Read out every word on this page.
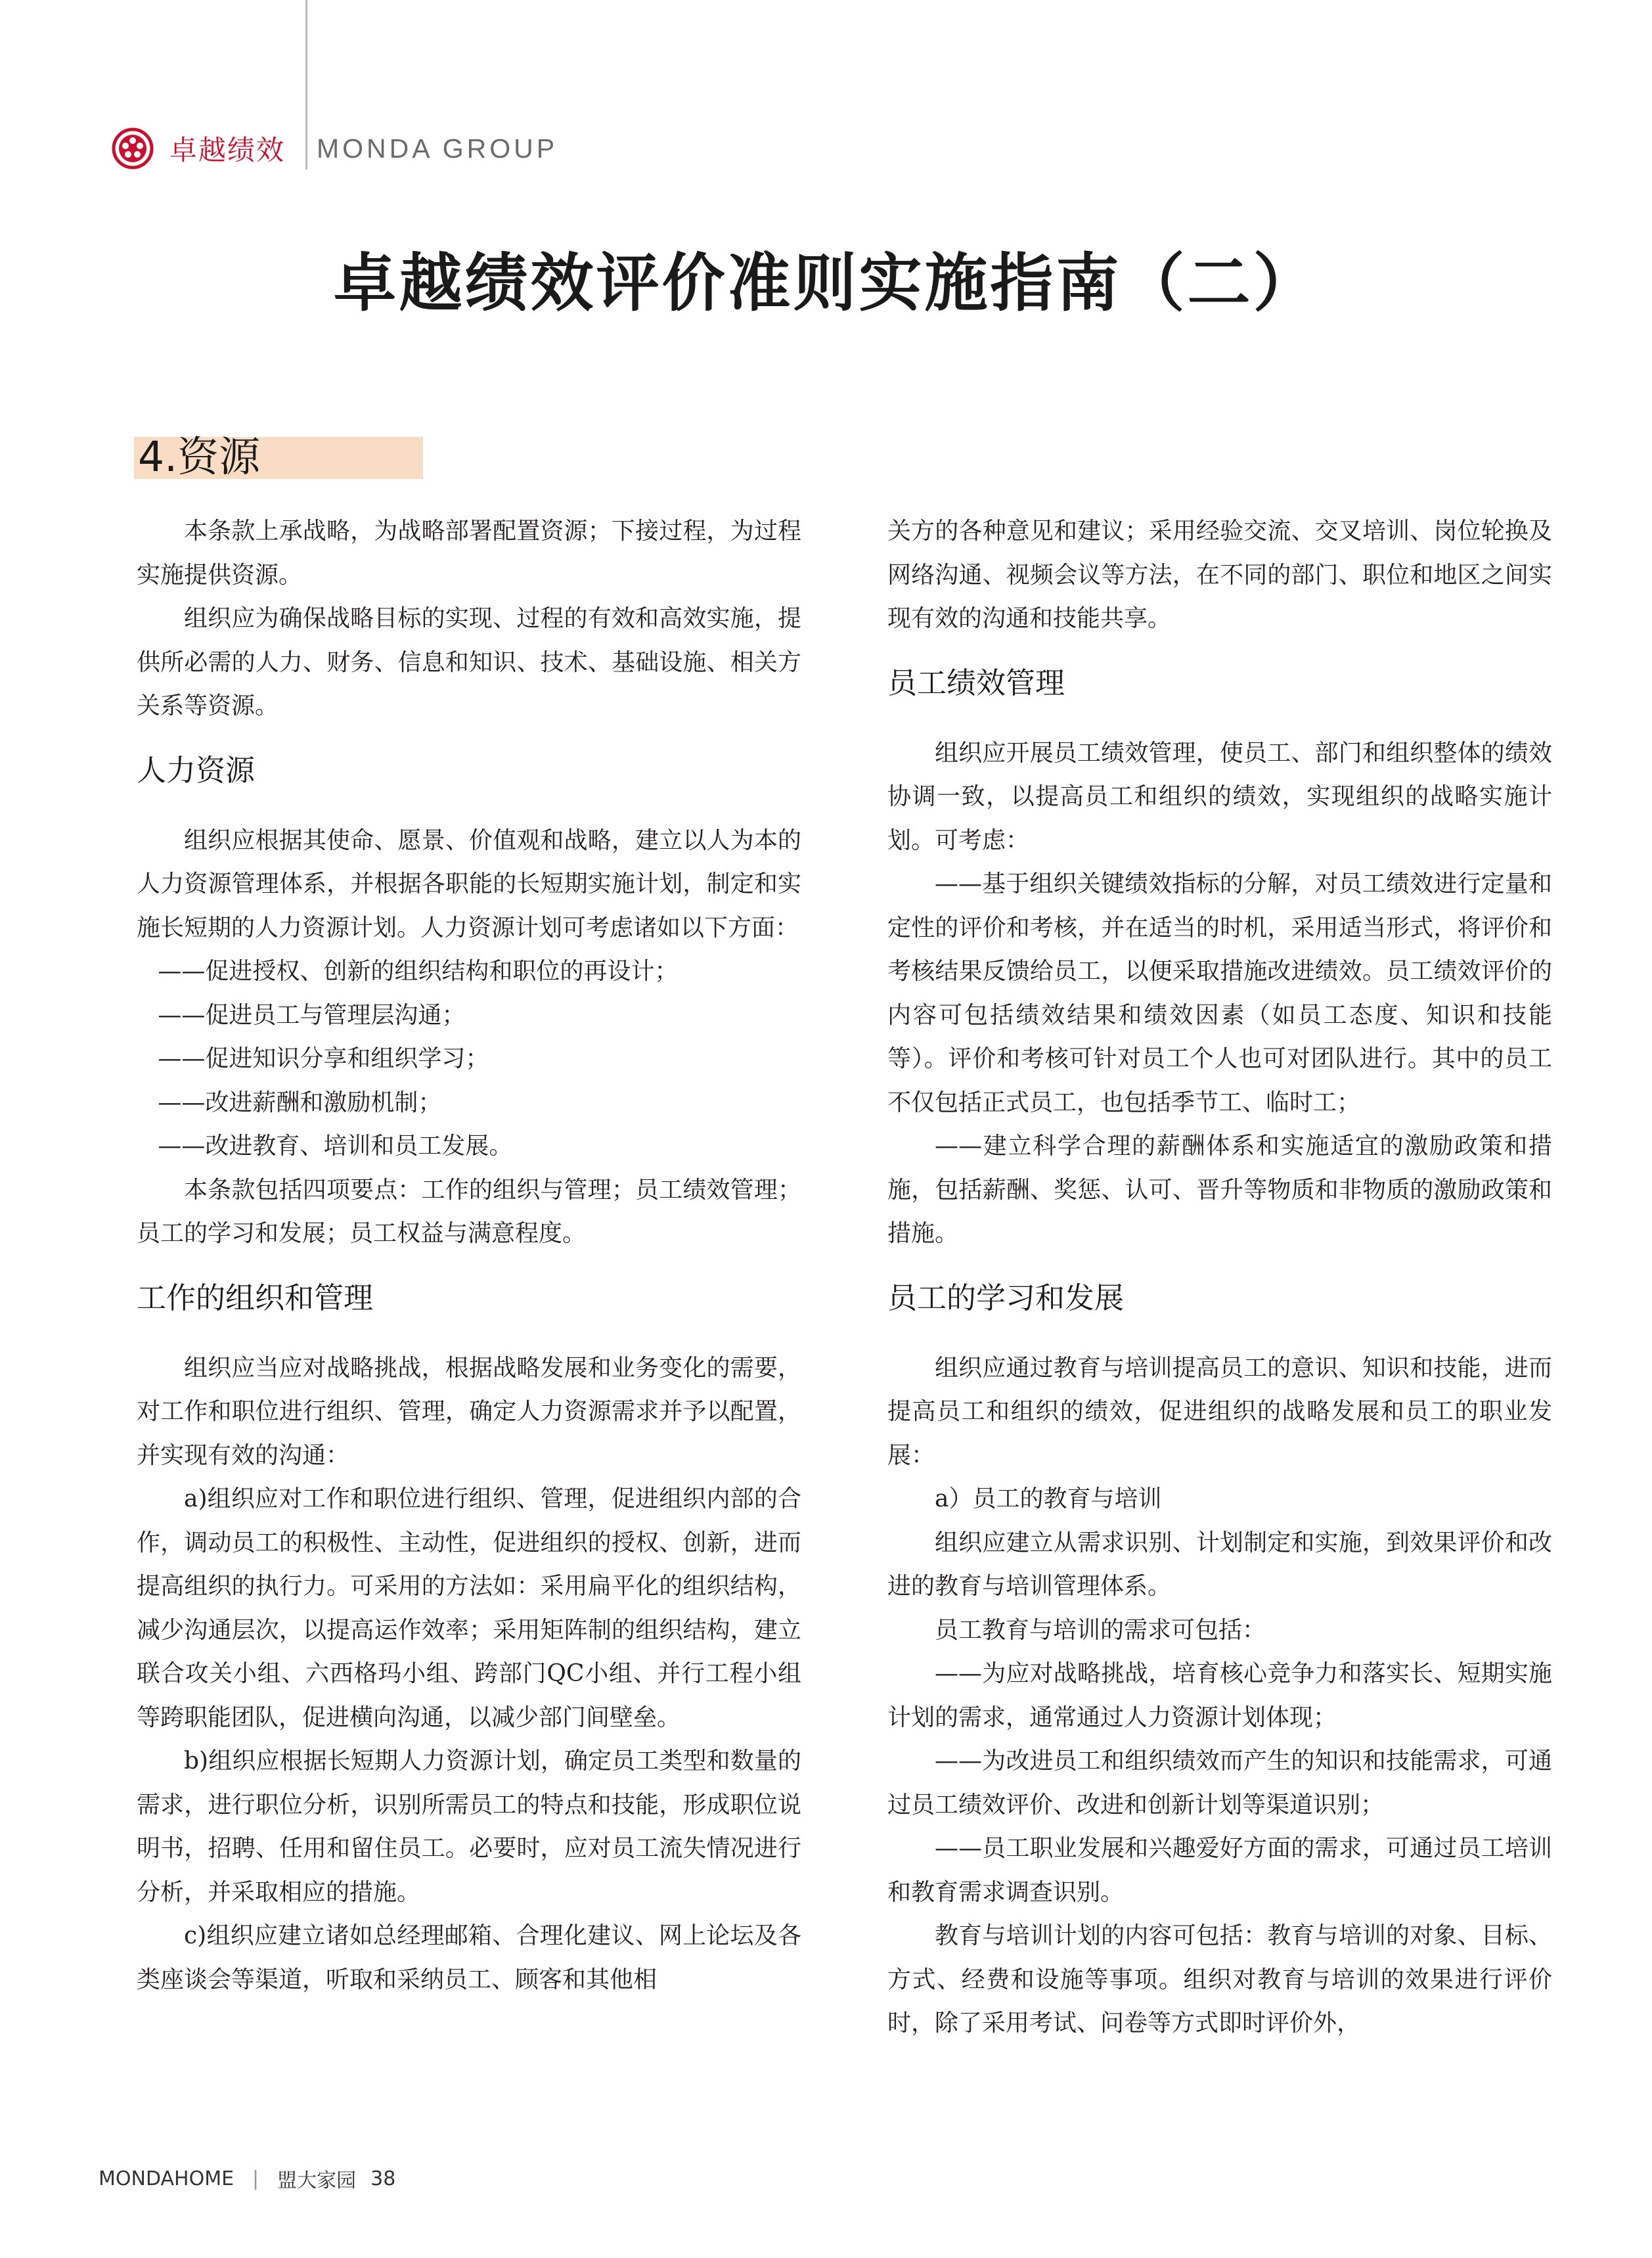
卓越绩效 MONDA GROUP
卓越绩效评价准则实施指南（二）
4.资源

本条款上承战略，为战略部署配置资源；下接过程，为过程实施提供资源。

组织应为确保战略目标的实现、过程的有效和高效实施，提供所必需的人力、财务、信息和知识、技术、基础设施、相关方关系等资源。

人力资源

组织应根据其使命、愿景、价值观和战略，建立以人为本的人力资源管理体系，并根据各职能的长短期实施计划，制定和实施长短期的人力资源计划。人力资源计划可考虑诸如以下方面：

——促进授权、创新的组织结构和职位的再设计；

——促进员工与管理层沟通；

——促进知识分享和组织学习；

——改进薪酬和激励机制；

——改进教育、培训和员工发展。

本条款包括四项要点：工作的组织与管理；员工绩效管理；员工的学习和发展；员工权益与满意程度。

工作的组织和管理

组织应当应对战略挑战，根据战略发展和业务变化的需要，对工作和职位进行组织、管理，确定人力资源需求并予以配置，并实现有效的沟通：

a)组织应对工作和职位进行组织、管理，促进组织内部的合作，调动员工的积极性、主动性，促进组织的授权、创新，进而提高组织的执行力。可采用的方法如：采用扁平化的组织结构，减少沟通层次，以提高运作效率；采用矩阵制的组织结构，建立联合攻关小组、六西格玛小组、跨部门QC小组、并行工程小组等跨职能团队，促进横向沟通，以减少部门间壁垒。

b)组织应根据长短期人力资源计划，确定员工类型和数量的需求，进行职位分析，识别所需员工的特点和技能，形成职位说明书，招聘、任用和留住员工。必要时，应对员工流失情况进行分析，并采取相应的措施。

c)组织应建立诸如总经理邮箱、合理化建议、网上论坛及各类座谈会等渠道，听取和采纳员工、顾客和其他相

关方的各种意见和建议；采用经验交流、交叉培训、岗位轮换及网络沟通、视频会议等方法，在不同的部门、职位和地区之间实现有效的沟通和技能共享。

员工绩效管理

组织应开展员工绩效管理，使员工、部门和组织整体的绩效协调一致，以提高员工和组织的绩效，实现组织的战略实施计划。可考虑：

——基于组织关键绩效指标的分解，对员工绩效进行定量和定性的评价和考核，并在适当的时机，采用适当形式，将评价和考核结果反馈给员工，以便采取措施改进绩效。员工绩效评价的内容可包括绩效结果和绩效因素（如员工态度、知识和技能等）。评价和考核可针对员工个人也可对团队进行。其中的员工不仅包括正式员工，也包括季节工、临时工；

——建立科学合理的薪酬体系和实施适宜的激励政策和措施，包括薪酬、奖惩、认可、晋升等物质和非物质的激励政策和措施。

员工的学习和发展

组织应通过教育与培训提高员工的意识、知识和技能，进而提高员工和组织的绩效，促进组织的战略发展和员工的职业发展：

a）员工的教育与培训

组织应建立从需求识别、计划制定和实施，到效果评价和改进的教育与培训管理体系。

员工教育与培训的需求可包括：

——为应对战略挑战，培育核心竞争力和落实长、短期实施计划的需求，通常通过人力资源计划体现；

——为改进员工和组织绩效而产生的知识和技能需求，可通过员工绩效评价、改进和创新计划等渠道识别；

——员工职业发展和兴趣爱好方面的需求，可通过员工培训和教育需求调查识别。

教育与培训计划的内容可包括：教育与培训的对象、目标、方式、经费和设施等事项。组织对教育与培训的效果进行评价时，除了采用考试、问卷等方式即时评价外，

MONDAHOME | 盟大家园 38
